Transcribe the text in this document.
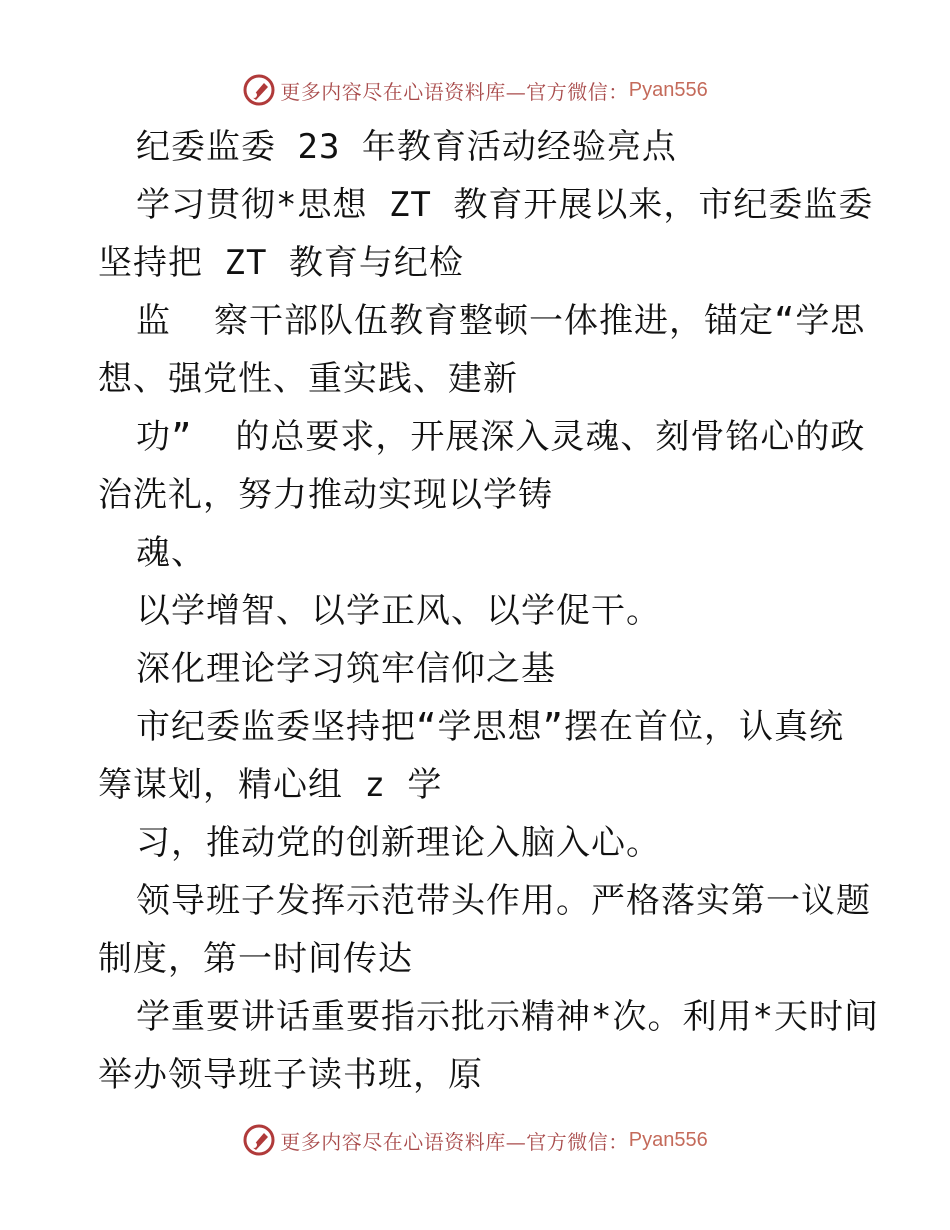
更多内容尽在心语资料库—官方微信： Pyan556
纪委监委 23 年教育活动经验亮点
学习贯彻*思想 ZT 教育开展以来，市纪委监委
坚持把 ZT 教育与纪检
监  察干部队伍教育整顿一体推进，锚定“学思
想、强党性、重实践、建新
功”  的总要求，开展深入灵魂、刻骨铭心的政
治洗礼，努力推动实现以学铸
魂、
以学增智、以学正风、以学促干。
深化理论学习筑牢信仰之基
市纪委监委坚持把“学思想”摆在首位，认真统
筹谋划，精心组 z 学
习，推动党的创新理论入脑入心。
领导班子发挥示范带头作用。严格落实第一议题
制度，第一时间传达
学重要讲话重要指示批示精神*次。利用*天时间
举办领导班子读书班，原
更多内容尽在心语资料库—官方微信： Pyan556
